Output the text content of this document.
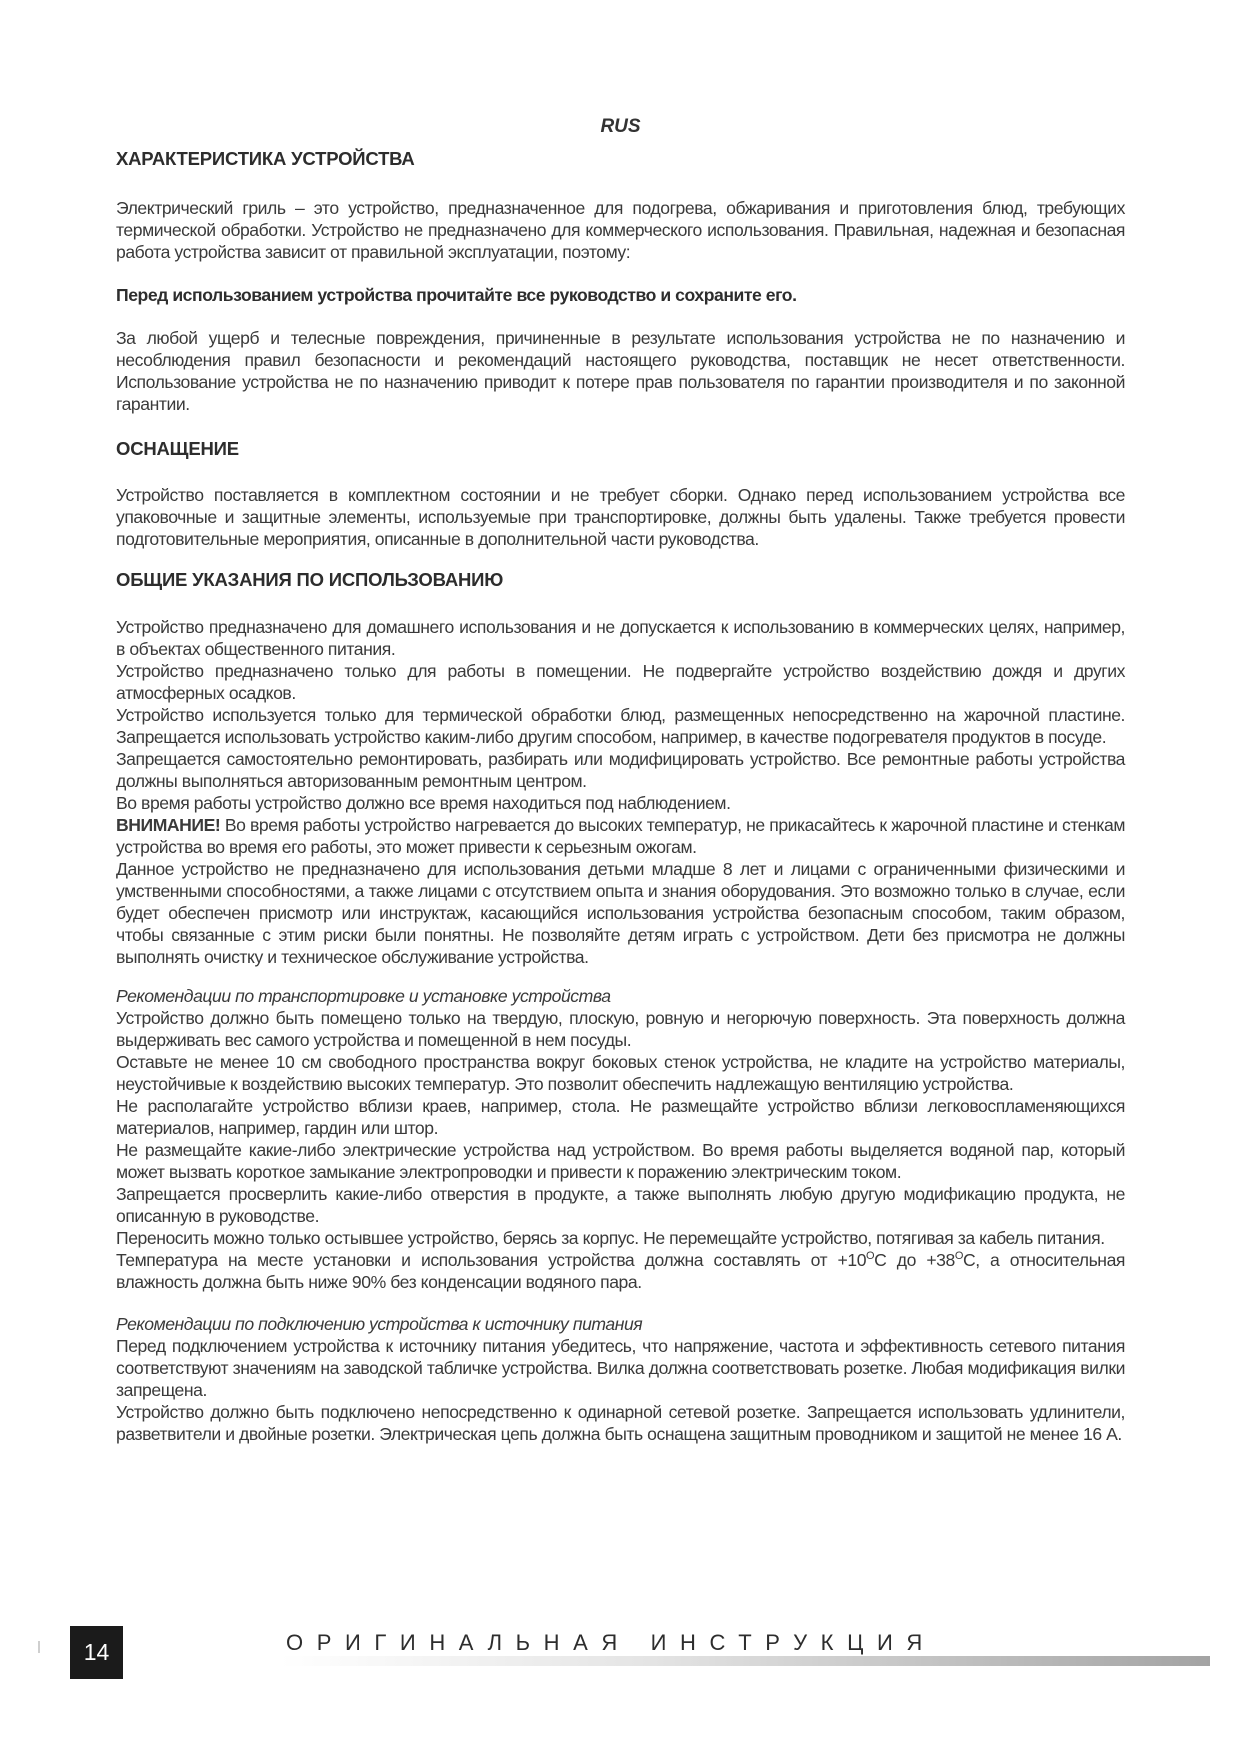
RUS
ХАРАКТЕРИСТИКА УСТРОЙСТВА

Электрический гриль – это устройство, предназначенное для подогрева, обжаривания и приготовления блюд, требующих термической обработки. Устройство не предназначено для коммерческого использования. Правильная, надежная и безопасная работа устройства зависит от правильной эксплуатации, поэтому:

Перед использованием устройства прочитайте все руководство и сохраните его.

За любой ущерб и телесные повреждения, причиненные в результате использования устройства не по назначению и несоблюдения правил безопасности и рекомендаций настоящего руководства, поставщик не несет ответственности. Использование устройства не по назначению приводит к потере прав пользователя по гарантии производителя и по законной гарантии.

ОСНАЩЕНИЕ

Устройство поставляется в комплектном состоянии и не требует сборки. Однако перед использованием устройства все упаковочные и защитные элементы, используемые при транспортировке, должны быть удалены. Также требуется провести подготовительные мероприятия, описанные в дополнительной части руководства.

ОБЩИЕ УКАЗАНИЯ ПО ИСПОЛЬЗОВАНИЮ

Устройство предназначено для домашнего использования и не допускается к использованию в коммерческих целях, например, в объектах общественного питания.

Устройство предназначено только для работы в помещении. Не подвергайте устройство воздействию дождя и других атмосферных осадков.

Устройство используется только для термической обработки блюд, размещенных непосредственно на жарочной пластине. Запрещается использовать устройство каким-либо другим способом, например, в качестве подогревателя продуктов в посуде.

Запрещается самостоятельно ремонтировать, разбирать или модифицировать устройство. Все ремонтные работы устройства должны выполняться авторизованным ремонтным центром.

Во время работы устройство должно все время находиться под наблюдением.

ВНИМАНИЕ! Во время работы устройство нагревается до высоких температур, не прикасайтесь к жарочной пластине и стенкам устройства во время его работы, это может привести к серьезным ожогам.

Данное устройство не предназначено для использования детьми младше 8 лет и лицами с ограниченными физическими и умственными способностями, а также лицами с отсутствием опыта и знания оборудования. Это возможно только в случае, если будет обеспечен присмотр или инструктаж, касающийся использования устройства безопасным способом, таким образом, чтобы связанные с этим риски были понятны. Не позволяйте детям играть с устройством. Дети без присмотра не должны выполнять очистку и техническое обслуживание устройства.

Рекомендации по транспортировке и установке устройства

Устройство должно быть помещено только на твердую, плоскую, ровную и негорючую поверхность. Эта поверхность должна выдерживать вес самого устройства и помещенной в нем посуды.

Оставьте не менее 10 см свободного пространства вокруг боковых стенок устройства, не кладите на устройство материалы, неустойчивые к воздействию высоких температур. Это позволит обеспечить надлежащую вентиляцию устройства.

Не располагайте устройство вблизи краев, например, стола. Не размещайте устройство вблизи легковоспламеняющихся материалов, например, гардин или штор.

Не размещайте какие-либо электрические устройства над устройством. Во время работы выделяется водяной пар, который может вызвать короткое замыкание электропроводки и привести к поражению электрическим током.

Запрещается просверлить какие-либо отверстия в продукте, а также выполнять любую другую модификацию продукта, не описанную в руководстве.

Переносить можно только остывшее устройство, берясь за корпус. Не перемещайте устройство, потягивая за кабель питания.

Температура на месте установки и использования устройства должна составлять от $+10^OC$ до $+38^OC$, а относительная влажность должна быть ниже 90% без конденсации водяного пара.

Рекомендации по подключению устройства к источнику питания

Перед подключением устройства к источнику питания убедитесь, что напряжение, частота и эффективность сетевого питания соответствуют значениям на заводской табличке устройства. Вилка должна соответствовать розетке. Любая модификация вилки запрещена.

Устройство должно быть подключено непосредственно к одинарной сетевой розетке. Запрещается использовать удлинители, разветвители и двойные розетки. Электрическая цепь должна быть оснащена защитным проводником и защитой не менее 16 А.

14	ОРИГИНАЛЬНАЯ ИНСТРУКЦИЯ
